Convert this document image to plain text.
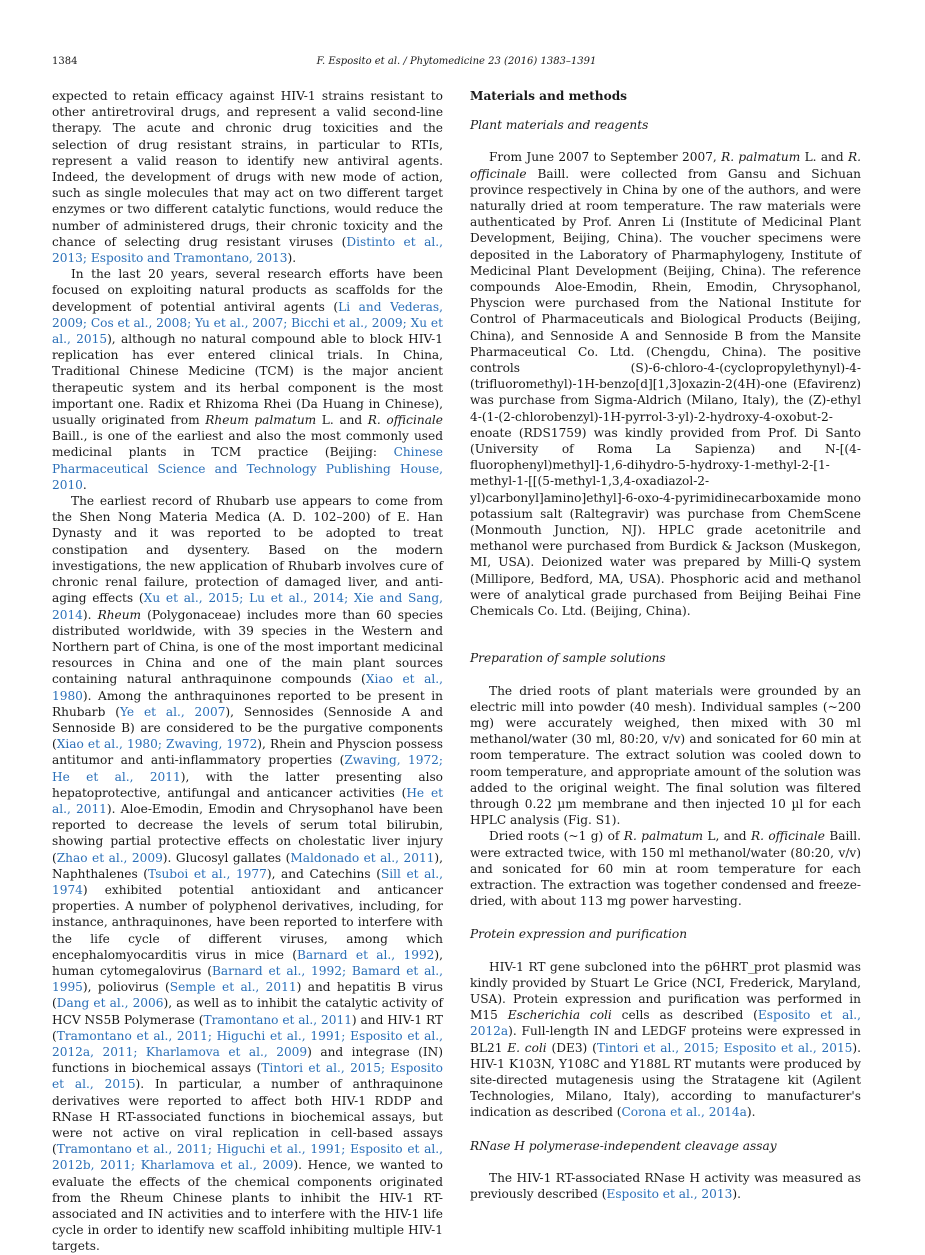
1384	F. Esposito et al. / Phytomedicine 23 (2016) 1383–1391

expected to retain efficacy against HIV-1 strains resistant to other antiretroviral drugs, and represent a valid second-line therapy. The acute and chronic drug toxicities and the selection of drug resistant strains, in particular to RTIs, represent a valid reason to identify new antiviral agents. Indeed, the development of drugs with new mode of action, such as single molecules that may act on two different target enzymes or two different catalytic functions, would reduce the number of administered drugs, their chronic toxicity and the chance of selecting drug resistant viruses (Distinto et al., 2013; Esposito and Tramontano, 2013).

In the last 20 years, several research efforts have been focused on exploiting natural products as scaffolds for the development of potential antiviral agents (Li and Vederas, 2009; Cos et al., 2008; Yu et al., 2007; Bicchi et al., 2009; Xu et al., 2015), although no natural compound able to block HIV-1 replication has ever entered clinical trials. In China, Traditional Chinese Medicine (TCM) is the major ancient therapeutic system and its herbal component is the most important one. Radix et Rhizoma Rhei (Da Huang in Chinese), usually originated from Rheum palmatum L. and R. officinale Baill., is one of the earliest and also the most commonly used medicinal plants in TCM practice (Beijing: Chinese Pharmaceutical Science and Technology Publishing House, 2010.

The earliest record of Rhubarb use appears to come from the Shen Nong Materia Medica (A. D. 102–200) of E. Han Dynasty and it was reported to be adopted to treat constipation and dysentery. Based on the modern investigations, the new application of Rhubarb involves cure of chronic renal failure, protection of damaged liver, and anti-aging effects (Xu et al., 2015; Lu et al., 2014; Xie and Sang, 2014). Rheum (Polygonaceae) includes more than 60 species distributed worldwide, with 39 species in the Western and Northern part of China, is one of the most important medicinal resources in China and one of the main plant sources containing natural anthraquinone compounds (Xiao et al., 1980). Among the anthraquinones reported to be present in Rhubarb (Ye et al., 2007), Sennosides (Sennoside A and Sennoside B) are considered to be the purgative components (Xiao et al., 1980; Zwaving, 1972), Rhein and Physcion possess antitumor and anti-inflammatory properties (Zwaving, 1972; He et al., 2011), with the latter presenting also hepatoprotective, antifungal and anticancer activities (He et al., 2011). Aloe-Emodin, Emodin and Chrysophanol have been reported to decrease the levels of serum total bilirubin, showing partial protective effects on cholestatic liver injury (Zhao et al., 2009). Glucosyl gallates (Maldonado et al., 2011), Naphthalenes (Tsuboi et al., 1977), and Catechins (Sill et al., 1974) exhibited potential antioxidant and anticancer properties. A number of polyphenol derivatives, including, for instance, anthraquinones, have been reported to interfere with the life cycle of different viruses, among which encephalomyocarditis virus in mice (Barnard et al., 1992), human cytomegalovirus (Barnard et al., 1992; Bamard et al., 1995), poliovirus (Semple et al., 2011) and hepatitis B virus (Dang et al., 2006), as well as to inhibit the catalytic activity of HCV NS5B Polymerase (Tramontano et al., 2011) and HIV-1 RT (Tramontano et al., 2011; Higuchi et al., 1991; Esposito et al., 2012a, 2011; Kharlamova et al., 2009) and integrase (IN) functions in biochemical assays (Tintori et al., 2015; Esposito et al., 2015). In particular, a number of anthraquinone derivatives were reported to affect both HIV-1 RDDP and RNase H RT-associated functions in biochemical assays, but were not active on viral replication in cell-based assays (Tramontano et al., 2011; Higuchi et al., 1991; Esposito et al., 2012b, 2011; Kharlamova et al., 2009). Hence, we wanted to evaluate the effects of the chemical components originated from the Rheum Chinese plants to inhibit the HIV-1 RT-associated and IN activities and to interfere with the HIV-1 life cycle in order to identify new scaffold inhibiting multiple HIV-1 targets.

Materials and methods

Plant materials and reagents

From June 2007 to September 2007, R. palmatum L. and R. officinale Baill. were collected from Gansu and Sichuan province respectively in China by one of the authors, and were naturally dried at room temperature. The raw materials were authenticated by Prof. Anren Li (Institute of Medicinal Plant Development, Beijing, China). The voucher specimens were deposited in the Laboratory of Pharmaphylogeny, Institute of Medicinal Plant Development (Beijing, China). The reference compounds Aloe-Emodin, Rhein, Emodin, Chrysophanol, Physcion were purchased from the National Institute for Control of Pharmaceuticals and Biological Products (Beijing, China), and Sennoside A and Sennoside B from the Mansite Pharmaceutical Co. Ltd. (Chengdu, China). The positive controls (S)-6-chloro-4-(cyclopropylethynyl)-4-(trifluoromethyl)-1H-benzo[d][1,3]oxazin-2(4H)-one (Efavirenz) was purchase from Sigma-Aldrich (Milano, Italy), the (Z)-ethyl 4-(1-(2-chlorobenzyl)-1H-pyrrol-3-yl)-2-hydroxy-4-oxobut-2-enoate (RDS1759) was kindly provided from Prof. Di Santo (University of Roma La Sapienza) and N-[(4-fluorophenyl)methyl]-1,6-dihydro-5-hydroxy-1-methyl-2-[1-methyl-1-[[(5-methyl-1,3,4-oxadiazol-2-yl)carbonyl]amino]ethyl]-6-oxo-4-pyrimidinecarboxamide mono potassium salt (Raltegravir) was purchase from ChemScene (Monmouth Junction, NJ). HPLC grade acetonitrile and methanol were purchased from Burdick & Jackson (Muskegon, MI, USA). Deionized water was prepared by Milli-Q system (Millipore, Bedford, MA, USA). Phosphoric acid and methanol were of analytical grade purchased from Beijing Beihai Fine Chemicals Co. Ltd. (Beijing, China).

Preparation of sample solutions

The dried roots of plant materials were grounded by an electric mill into powder (40 mesh). Individual samples (~200 mg) were accurately weighed, then mixed with 30 ml methanol/water (30 ml, 80:20, v/v) and sonicated for 60 min at room temperature. The extract solution was cooled down to room temperature, and appropriate amount of the solution was added to the original weight. The final solution was filtered through 0.22 µm membrane and then injected 10 µl for each HPLC analysis (Fig. S1).

Dried roots (~1 g) of R. palmatum L, and R. officinale Baill. were extracted twice, with 150 ml methanol/water (80:20, v/v) and sonicated for 60 min at room temperature for each extraction. The extraction was together condensed and freeze-dried, with about 113 mg power harvesting.

Protein expression and purification

HIV-1 RT gene subcloned into the p6HRT_prot plasmid was kindly provided by Stuart Le Grice (NCI, Frederick, Maryland, USA). Protein expression and purification was performed in M15 Escherichia coli cells as described (Esposito et al., 2012a). Full-length IN and LEDGF proteins were expressed in BL21 E. coli (DE3) (Tintori et al., 2015; Esposito et al., 2015). HIV-1 K103N, Y108C and Y188L RT mutants were produced by site-directed mutagenesis using the Stratagene kit (Agilent Technologies, Milano, Italy), according to manufacturer's indication as described (Corona et al., 2014a).

RNase H polymerase-independent cleavage assay

The HIV-1 RT-associated RNase H activity was measured as previously described (Esposito et al., 2013).
